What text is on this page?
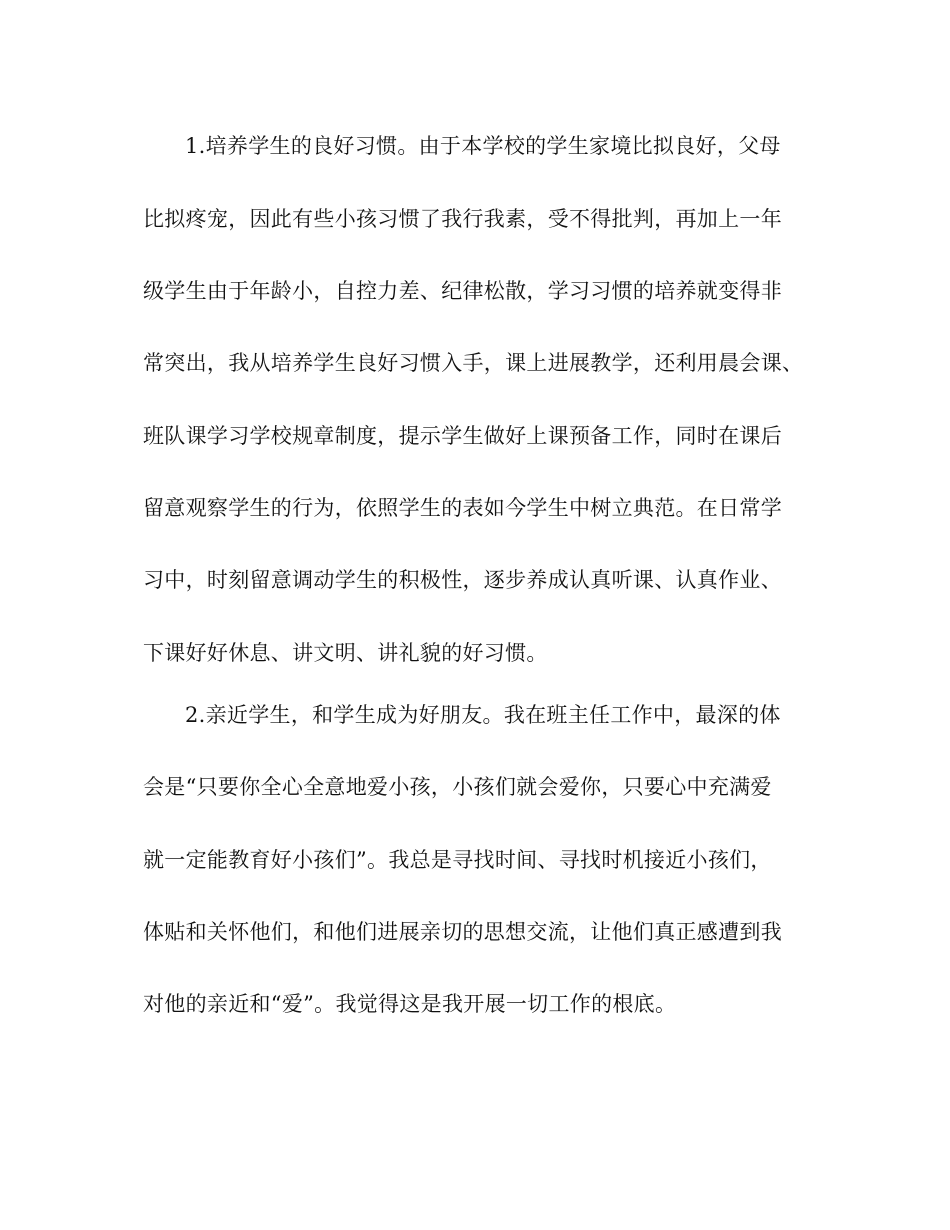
1.培养学生的良好习惯。由于本学校的学生家境比拟良好，父母

比拟疼宠，因此有些小孩习惯了我行我素，受不得批判，再加上一年

级学生由于年龄小，自控力差、纪律松散，学习习惯的培养就变得非

常突出，我从培养学生良好习惯入手，课上进展教学，还利用晨会课、

班队课学习学校规章制度，提示学生做好上课预备工作，同时在课后

留意观察学生的行为，依照学生的表如今学生中树立典范。在日常学

习中，时刻留意调动学生的积极性，逐步养成认真听课、认真作业、

下课好好休息、讲文明、讲礼貌的好习惯。

2.亲近学生，和学生成为好朋友。我在班主任工作中，最深的体

会是“只要你全心全意地爱小孩，小孩们就会爱你，只要心中充满爱

就一定能教育好小孩们”。我总是寻找时间、寻找时机接近小孩们，

体贴和关怀他们，和他们进展亲切的思想交流，让他们真正感遭到我

对他的亲近和“爱”。我觉得这是我开展一切工作的根底。
